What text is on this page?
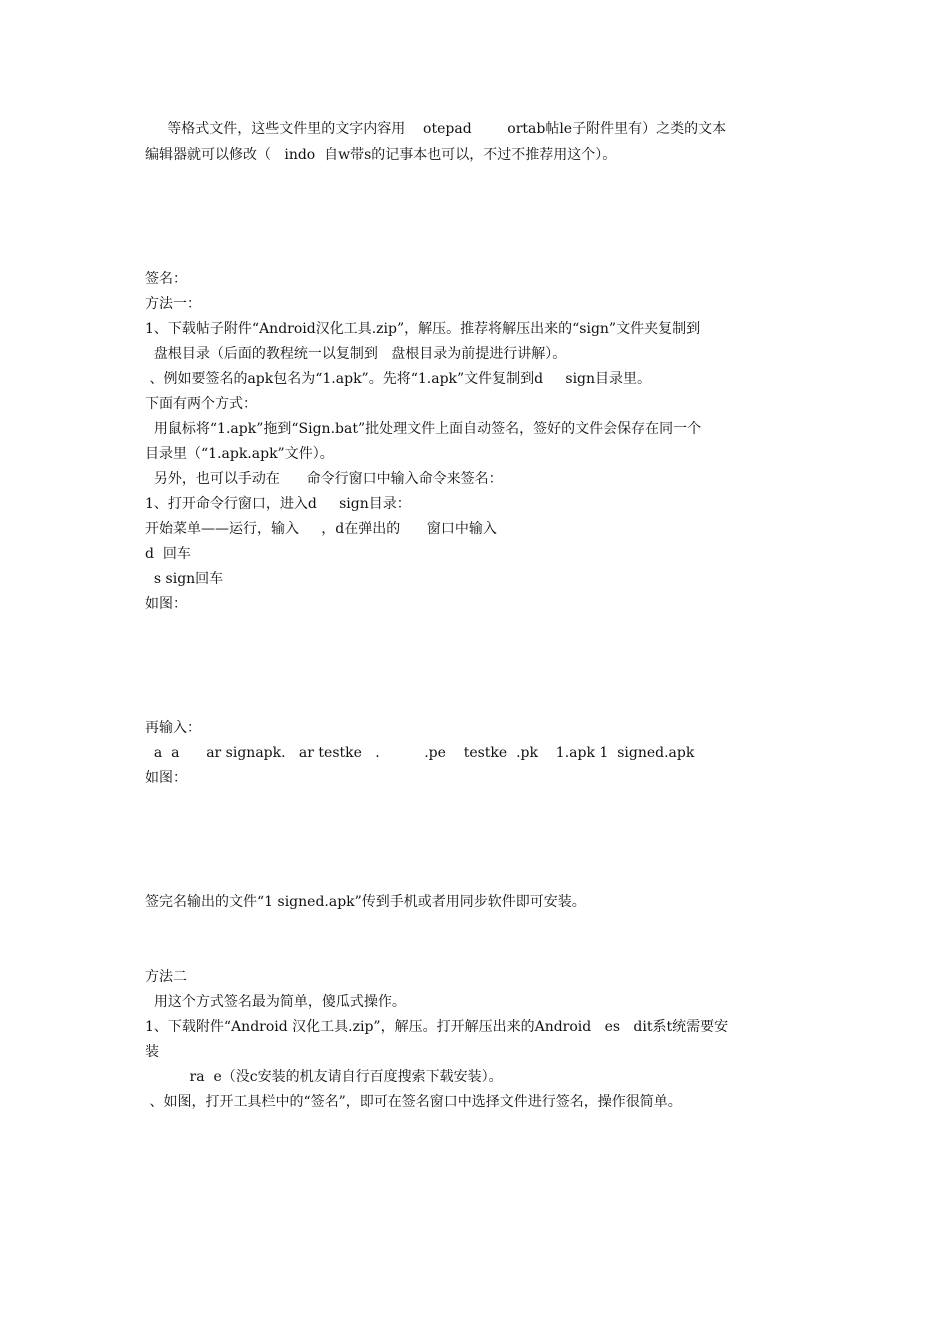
等格式文件，这些文件里的文字内容用    otepad        ortab帖le子附件里有）之类的文本
编辑器就可以修改（   indo  自w带s的记事本也可以，不过不推荐用这个）。
签名：
方法一：
1、下载帖子附件“Android汉化工具.zip”，解压。推荐将解压出来的“sign”文件夹复制到
盘根目录（后面的教程统一以复制到   盘根目录为前提进行讲解）。
、例如要签名的apk包名为“1.apk”。先将“1.apk”文件复制到d     sign目录里。
下面有两个方式：
用鼠标将“1.apk”拖到“Sign.bat”批处理文件上面自动签名，签好的文件会保存在同一个
目录里（“1.apk.apk”文件）。
另外，也可以手动在      命令行窗口中输入命令来签名：
1、打开命令行窗口，进入d     sign目录：
开始菜单——运行，输入     ，d在弹出的      窗口中输入
d  回车
s sign回车
如图：
再输入：
a  a      ar signapk.   ar testke   .          .pe    testke  .pk    1.apk 1  signed.apk
如图：
签完名输出的文件“1 signed.apk”传到手机或者用同步软件即可安装。
方法二
用这个方式签名最为简单，傻瓜式操作。
1、下载附件“Android 汉化工具.zip”，解压。打开解压出来的Android   es   dit系t统需要安
装
ra  e（没c安装的机友请自行百度搜索下载安装）。
、如图，打开工具栏中的“签名”，即可在签名窗口中选择文件进行签名，操作很简单。
